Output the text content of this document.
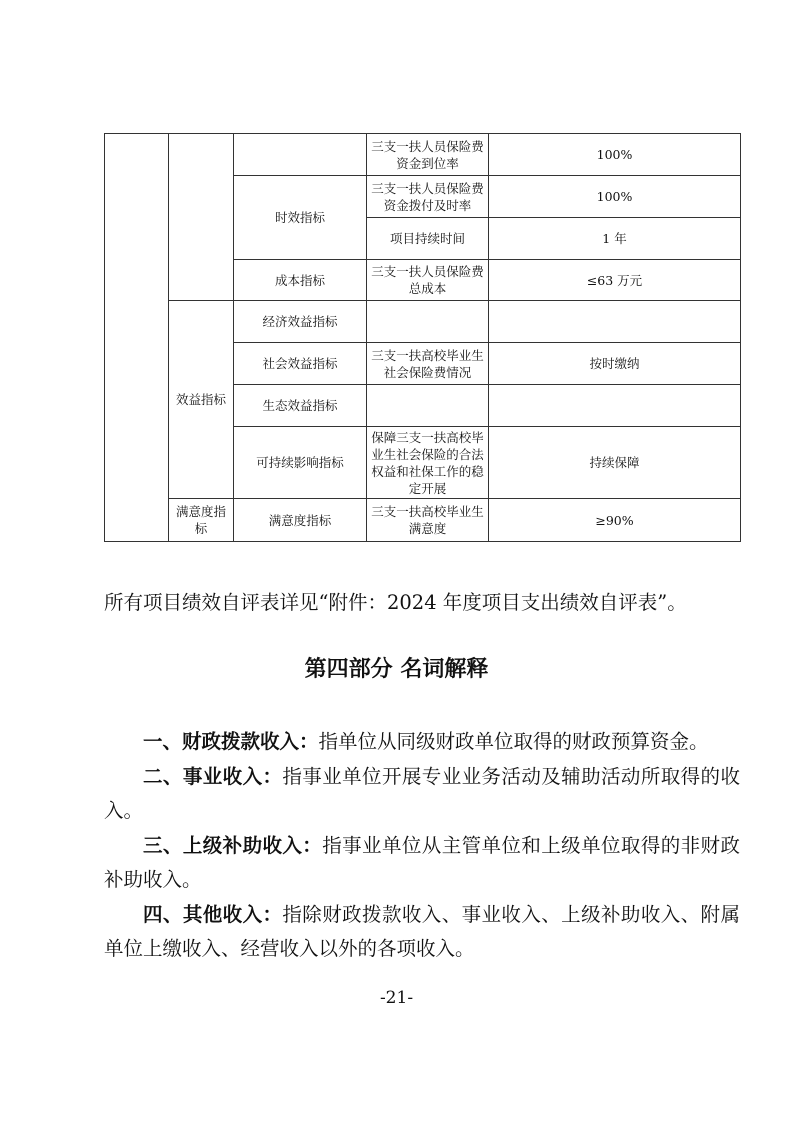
			三支一扶人员保险费资金到位率	100%
		时效指标	三支一扶人员保险费资金拨付及时率	100%
			项目持续时间	1 年
		成本指标	三支一扶人员保险费总成本	≤63 万元
	效益指标	经济效益指标		
		社会效益指标	三支一扶高校毕业生社会保险费情况	按时缴纳
		生态效益指标		
		可持续影响指标	保障三支一扶高校毕业生社会保险的合法权益和社保工作的稳定开展	持续保障
	满意度指标	满意度指标	三支一扶高校毕业生满意度	≥90%
所有项目绩效自评表详见“附件：2024 年度项目支出绩效自评表”。
第四部分 名词解释

一、财政拨款收入：指单位从同级财政单位取得的财政预算资金。

二、事业收入：指事业单位开展专业业务活动及辅助活动所取得的收入。

三、上级补助收入：指事业单位从主管单位和上级单位取得的非财政补助收入。

四、其他收入：指除财政拨款收入、事业收入、上级补助收入、附属单位上缴收入、经营收入以外的各项收入。

-21-
